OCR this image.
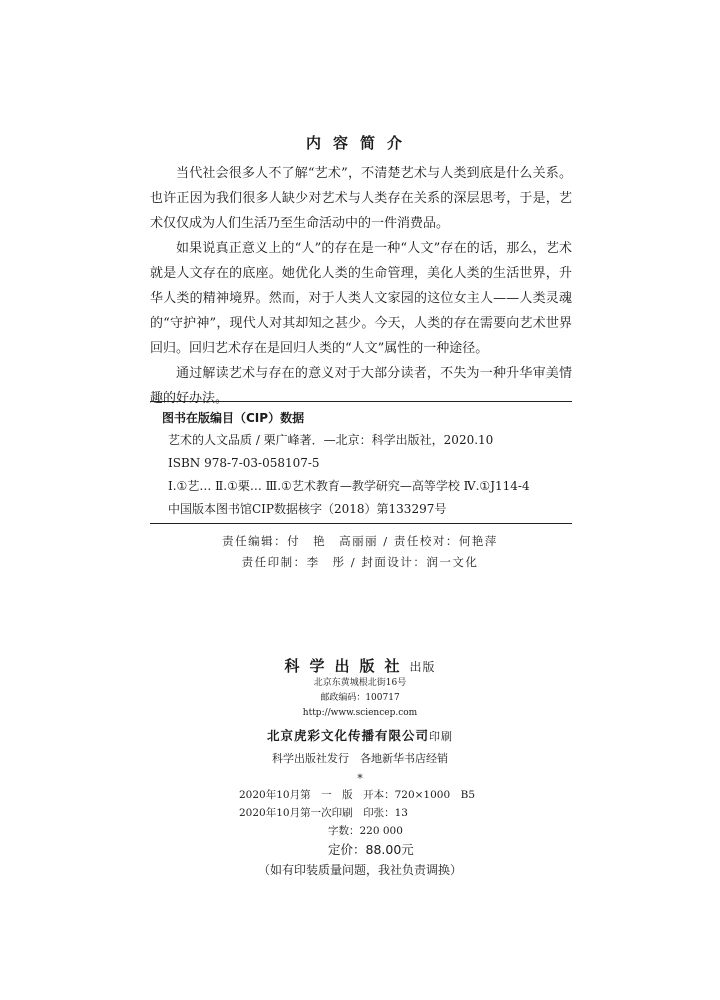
内容简介

当代社会很多人不了解“艺术”，不清楚艺术与人类到底是什么关系。也许正因为我们很多人缺少对艺术与人类存在关系的深层思考，于是，艺术仅仅成为人们生活乃至生命活动中的一件消费品。

如果说真正意义上的“人”的存在是一种“人文”存在的话，那么，艺术就是人文存在的底座。她优化人类的生命管理，美化人类的生活世界，升华人类的精神境界。然而，对于人类人文家园的这位女主人——人类灵魂的“守护神”，现代人对其却知之甚少。今天，人类的存在需要向艺术世界回归。回归艺术存在是回归人类的“人文”属性的一种途径。

通过解读艺术与存在的意义对于大部分读者，不失为一种升华审美情趣的好办法。

图书在版编目（CIP）数据
艺术的人文品质 / 栗广峰著．—北京：科学出版社，2020.10
ISBN 978-7-03-058107-5
Ⅰ.①艺… Ⅱ.①栗… Ⅲ.①艺术教育—教学研究—高等学校 Ⅳ.①J114-4
中国版本图书馆CIP数据核字（2018）第133297号
责任编辑：付　艳　高丽丽 / 责任校对：何艳萍
责任印制：李　彤 / 封面设计：润一文化
科学出版社出版
北京东黄城根北街16号
邮政编码：100717
http://www.sciencep.com
北京虎彩文化传播有限公司印刷
科学出版社发行　各地新华书店经销
*
2020年10月第　一　版　开本：720×1000　B5
2020年10月第一次印刷　印张：13
字数：220 000
定价：88.00元
（如有印装质量问题，我社负责调换）
